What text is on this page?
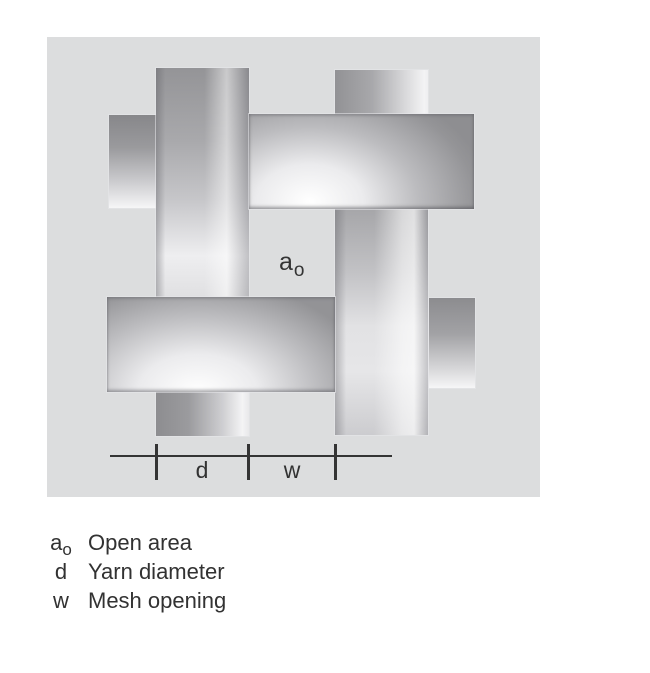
$a_o$
d	w
$a_o$ Open area
d Yarn diameter
w Mesh opening
